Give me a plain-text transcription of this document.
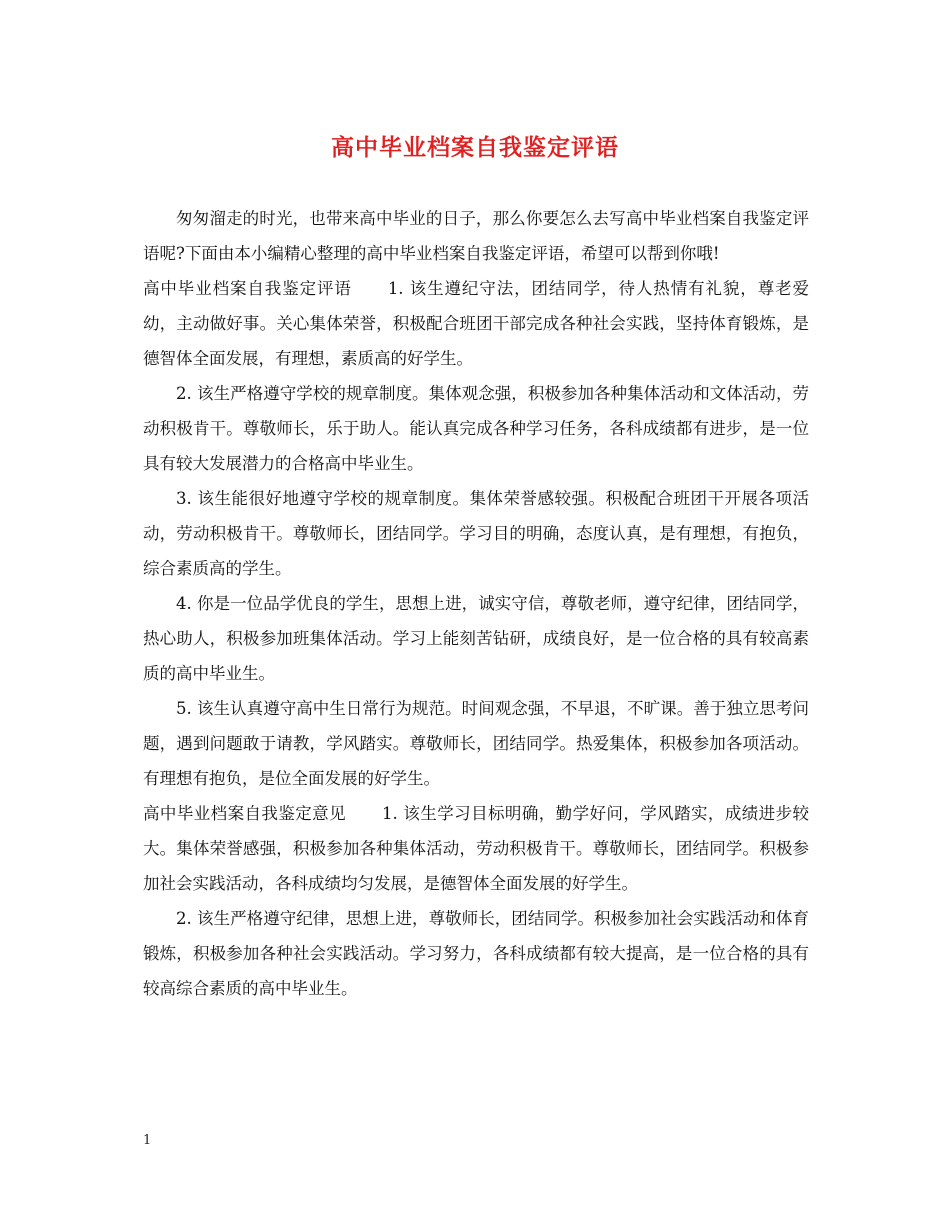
高中毕业档案自我鉴定评语

匆匆溜走的时光，也带来高中毕业的日子，那么你要怎么去写高中毕业档案自我鉴定评语呢?下面由本小编精心整理的高中毕业档案自我鉴定评语，希望可以帮到你哦!

高中毕业档案自我鉴定评语 1. 该生遵纪守法，团结同学，待人热情有礼貌，尊老爱幼，主动做好事。关心集体荣誉，积极配合班团干部完成各种社会实践，坚持体育锻炼，是德智体全面发展，有理想，素质高的好学生。

2. 该生严格遵守学校的规章制度。集体观念强，积极参加各种集体活动和文体活动，劳动积极肯干。尊敬师长，乐于助人。能认真完成各种学习任务，各科成绩都有进步，是一位具有较大发展潜力的合格高中毕业生。

3. 该生能很好地遵守学校的规章制度。集体荣誉感较强。积极配合班团干开展各项活动，劳动积极肯干。尊敬师长，团结同学。学习目的明确，态度认真，是有理想，有抱负，综合素质高的学生。

4. 你是一位品学优良的学生，思想上进，诚实守信，尊敬老师，遵守纪律，团结同学，热心助人，积极参加班集体活动。学习上能刻苦钻研，成绩良好，是一位合格的具有较高素质的高中毕业生。

5. 该生认真遵守高中生日常行为规范。时间观念强，不早退，不旷课。善于独立思考问题，遇到问题敢于请教，学风踏实。尊敬师长，团结同学。热爱集体，积极参加各项活动。有理想有抱负，是位全面发展的好学生。

高中毕业档案自我鉴定意见 1. 该生学习目标明确，勤学好问，学风踏实，成绩进步较大。集体荣誉感强，积极参加各种集体活动，劳动积极肯干。尊敬师长，团结同学。积极参加社会实践活动，各科成绩均匀发展，是德智体全面发展的好学生。

2. 该生严格遵守纪律，思想上进，尊敬师长，团结同学。积极参加社会实践活动和体育锻炼，积极参加各种社会实践活动。学习努力，各科成绩都有较大提高，是一位合格的具有较高综合素质的高中毕业生。

1
